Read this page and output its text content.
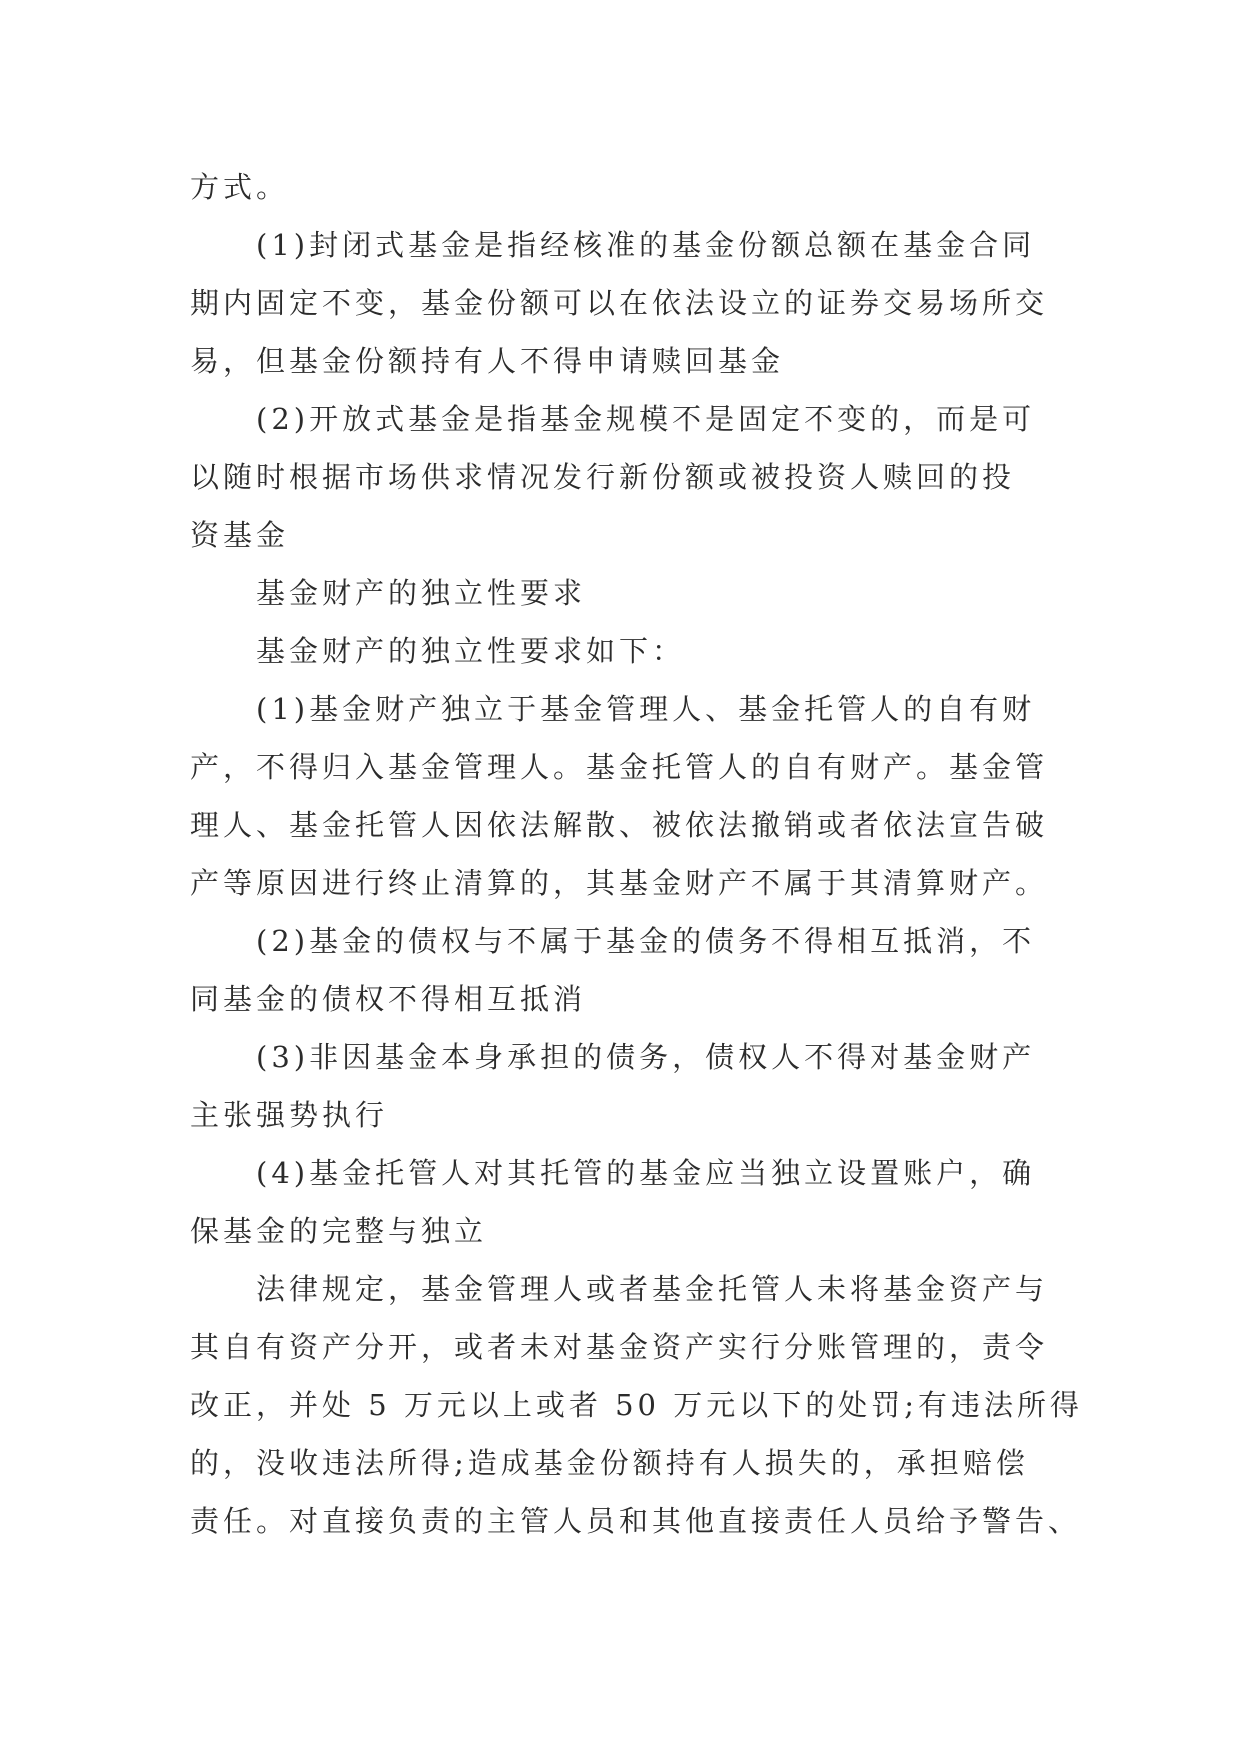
方式。
(1)封闭式基金是指经核准的基金份额总额在基金合同
期内固定不变，基金份额可以在依法设立的证券交易场所交
易，但基金份额持有人不得申请赎回基金
(2)开放式基金是指基金规模不是固定不变的，而是可
以随时根据市场供求情况发行新份额或被投资人赎回的投
资基金
基金财产的独立性要求
基金财产的独立性要求如下：
(1)基金财产独立于基金管理人、基金托管人的自有财
产，不得归入基金管理人。基金托管人的自有财产。基金管
理人、基金托管人因依法解散、被依法撤销或者依法宣告破
产等原因进行终止清算的，其基金财产不属于其清算财产。
(2)基金的债权与不属于基金的债务不得相互抵消，不
同基金的债权不得相互抵消
(3)非因基金本身承担的债务，债权人不得对基金财产
主张强势执行
(4)基金托管人对其托管的基金应当独立设置账户，确
保基金的完整与独立
法律规定，基金管理人或者基金托管人未将基金资产与
其自有资产分开，或者未对基金资产实行分账管理的，责令
改正，并处 5 万元以上或者 50 万元以下的处罚;有违法所得
的，没收违法所得;造成基金份额持有人损失的，承担赔偿
责任。对直接负责的主管人员和其他直接责任人员给予警告、
